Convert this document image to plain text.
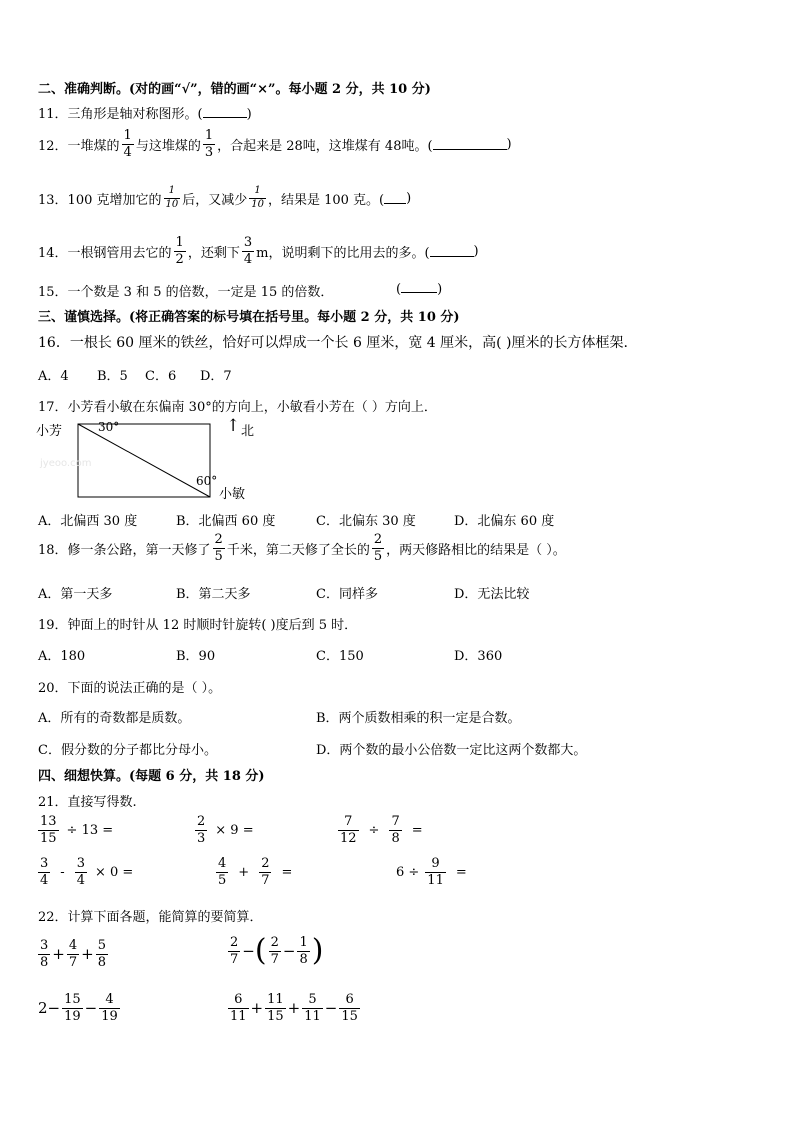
二、准确判断。(对的画“√”，错的画“×”。每小题 2 分，共 10 分)
11．三角形是轴对称图形。(	)
12．一堆煤的 $\frac{1}{4}$ 与这堆煤的 $\frac{1}{3}$ ，合起来是 28吨，这堆煤有 48吨。(	)
13．100 克增加它的 $\frac{1}{10}$ 后，又减少 $\frac{1}{10}$ ，结果是 100 克。( )
14．一根钢管用去它的 $\frac{1}{2}$ ，还剩下 $\frac{3}{4}$ m，说明剩下的比用去的多。(	)
15．一个数是 3 和 5 的倍数，一定是 15 的倍数．	(	)
三、谨慎选择。(将正确答案的标号填在括号里。每小题 2 分，共 10 分)
16．一根长 60 厘米的铁丝，恰好可以焊成一个长 6 厘米，宽 4 厘米，高( )厘米的长方体框架.
A．4 B．5 C．6 D．7
17．小芳看小敏在东偏南 30°的方向上，小敏看小芳在（ ）方向上．
小芳	30°
60°
小敏
↑ 北
jyeoo.com
A．北偏西 30 度	B．北偏西 60 度	C．北偏东 30 度	D．北偏东 60 度
18．修一条公路，第一天修了 $\frac{2}{5}$ 千米，第二天修了全长的 $\frac{2}{5}$ ，两天修路相比的结果是（ ）。
A．第一天多	B．第二天多	C．同样多	D．无法比较
19．钟面上的时针从 12 时顺时针旋转( )度后到 5 时．
A．180	B．90	C．150	D．360
20．下面的说法正确的是（ ）。
A．所有的奇数都是质数。	B．两个质数相乘的积一定是合数。
C．假分数的分子都比分母小。	D．两个数的最小公倍数一定比这两个数都大。
四、细想快算。(每题 6 分，共 18 分)
21．直接写得数.
$\frac{13}{15} \div 13$ =	$\frac{2}{3} \times 9$ =	$\frac{7}{12} \div \frac{7}{8}$ =
$\frac{3}{4} - \frac{3}{4} \times 0$ =	$\frac{4}{5} + \frac{2}{7}$ =	$6 \div \frac{9}{11}$ =
22．计算下面各题，能简算的要简算．
$\frac{3}{8} + \frac{4}{7} + \frac{5}{8}$	$\frac{2}{7}$ − ( $\frac{2}{7} - \frac{1}{8}$ )
$2 - \frac{15}{19} - \frac{4}{19}$	$\frac{6}{11} + \frac{11}{15} + \frac{5}{11} - \frac{6}{15}$
